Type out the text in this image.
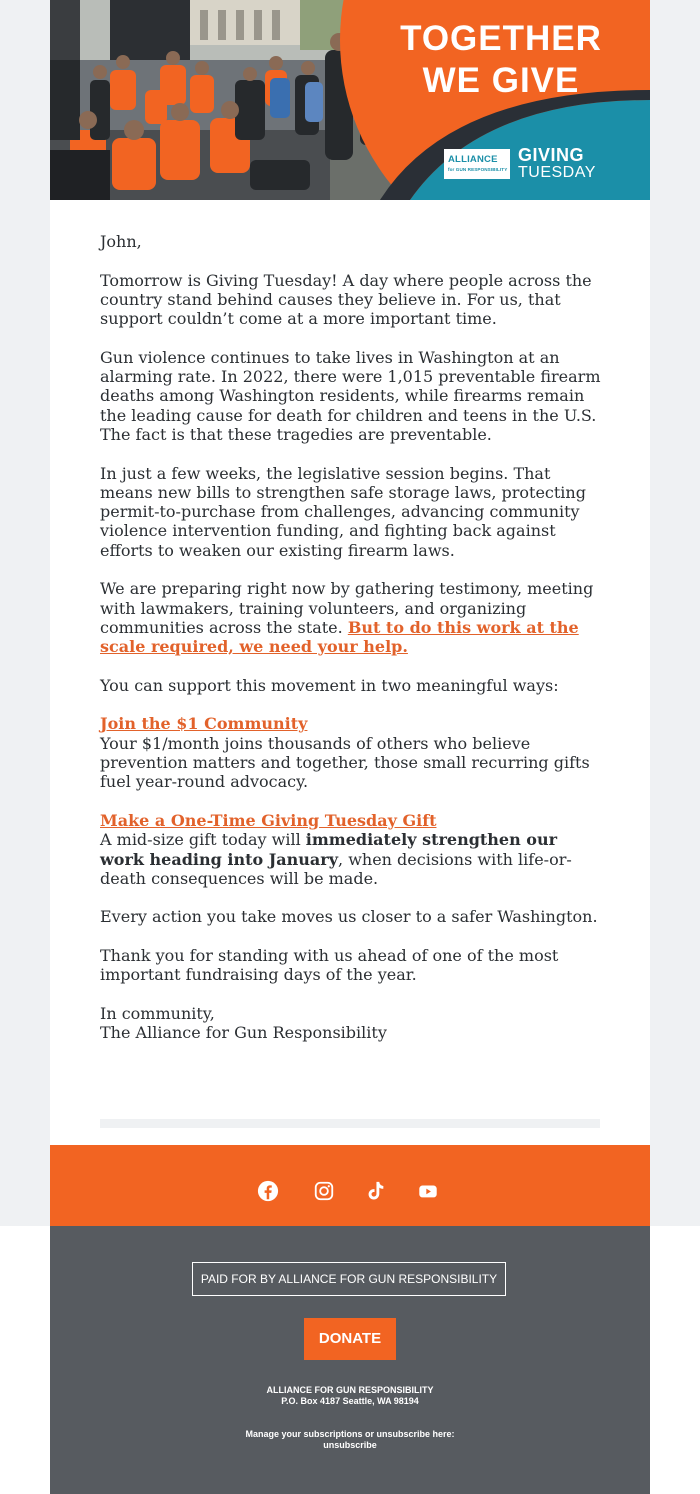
TOGETHER
WE GIVE
ALLIANCE
for GUN RESPONSIBILITY
GIVING
TUESDAY

John,

Tomorrow is Giving Tuesday! A day where people across the country stand behind causes they believe in. For us, that support couldn’t come at a more important time.

Gun violence continues to take lives in Washington at an alarming rate. In 2022, there were 1,015 preventable firearm deaths among Washington residents, while firearms remain the leading cause for death for children and teens in the U.S. The fact is that these tragedies are preventable.

In just a few weeks, the legislative session begins. That means new bills to strengthen safe storage laws, protecting permit-to-purchase from challenges, advancing community violence intervention funding, and fighting back against efforts to weaken our existing firearm laws.

We are preparing right now by gathering testimony, meeting with lawmakers, training volunteers, and organizing communities across the state. But to do this work at the scale required, we need your help.

You can support this movement in two meaningful ways:

Join the $1 Community
Your $1/month joins thousands of others who believe prevention matters and together, those small recurring gifts fuel year-round advocacy.

Make a One-Time Giving Tuesday Gift
A mid-size gift today will immediately strengthen our work heading into January, when decisions with life-or-death consequences will be made.

Every action you take moves us closer to a safer Washington.

Thank you for standing with us ahead of one of the most important fundraising days of the year.

In community,
The Alliance for Gun Responsibility

PAID FOR BY ALLIANCE FOR GUN RESPONSIBILITY
DONATE
ALLIANCE FOR GUN RESPONSIBILITY
P.O. Box 4187 Seattle, WA 98194
Manage your subscriptions or unsubscribe here:
unsubscribe
